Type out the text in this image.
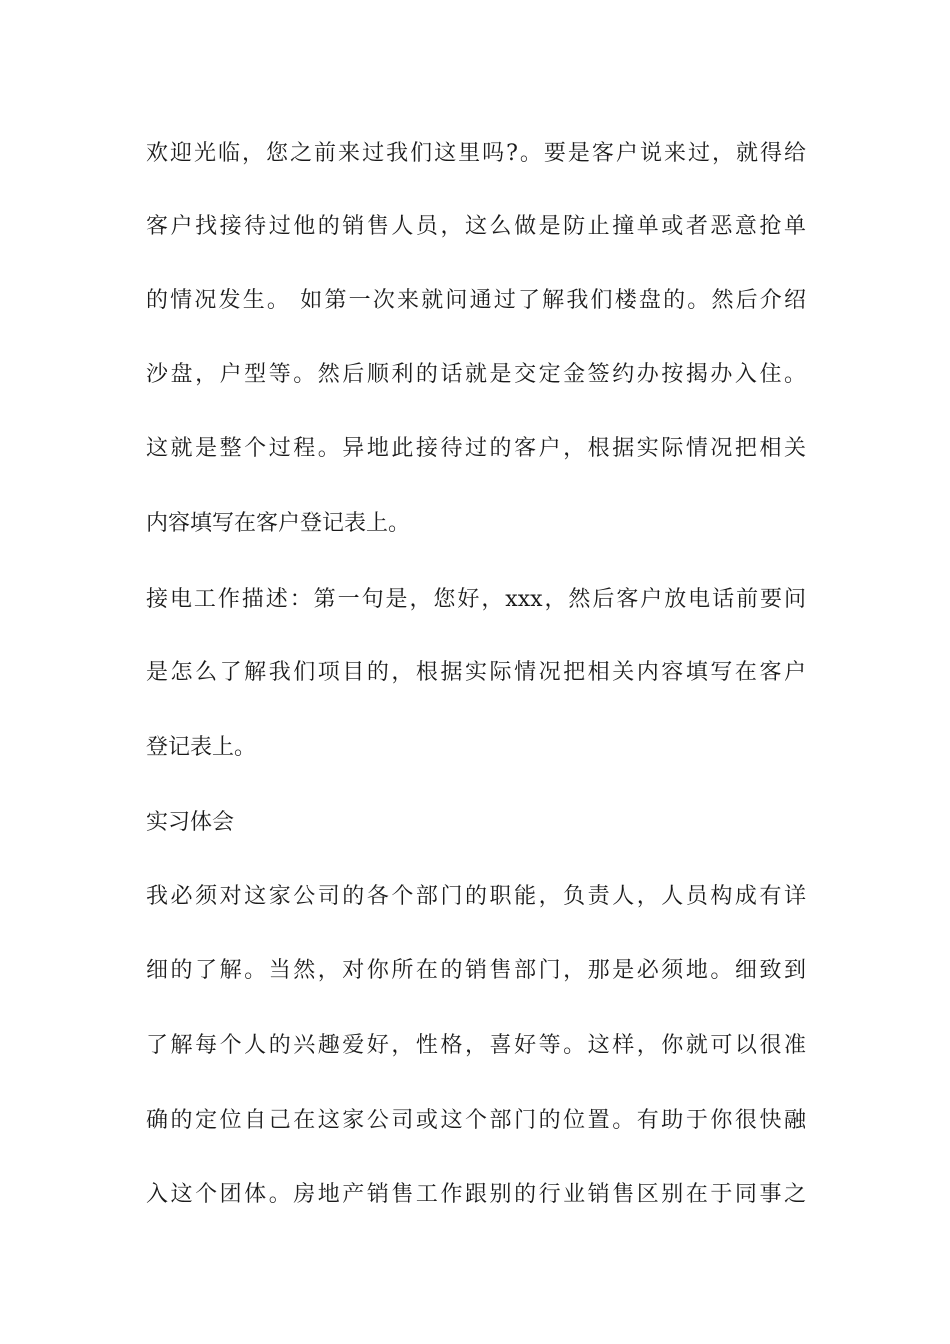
欢迎光临，您之前来过我们这里吗?。要是客户说来过，就得给
客户找接待过他的销售人员，这么做是防止撞单或者恶意抢单
的情况发生。 如第一次来就问通过了解我们楼盘的。然后介绍
沙盘，户型等。然后顺利的话就是交定金签约办按揭办入住。
这就是整个过程。异地此接待过的客户，根据实际情况把相关
内容填写在客户登记表上。
接电工作描述：第一句是，您好，xxx，然后客户放电话前要问
是怎么了解我们项目的，根据实际情况把相关内容填写在客户
登记表上。
实习体会
我必须对这家公司的各个部门的职能，负责人，人员构成有详
细的了解。当然，对你所在的销售部门，那是必须地。细致到
了解每个人的兴趣爱好，性格，喜好等。这样，你就可以很准
确的定位自己在这家公司或这个部门的位置。有助于你很快融
入这个团体。房地产销售工作跟别的行业销售区别在于同事之
